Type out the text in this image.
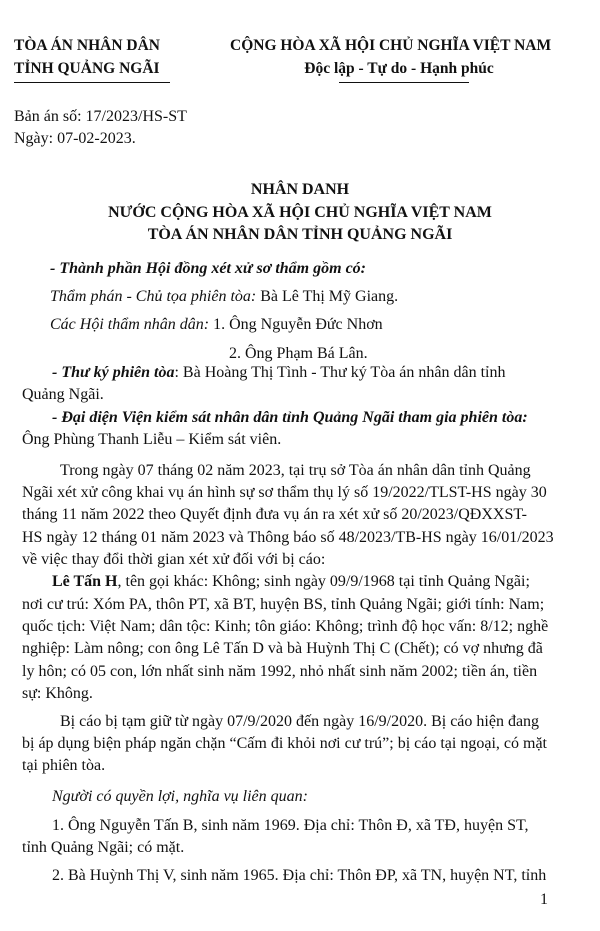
TÒA ÁN NHÂN DÂN
TỈNH QUẢNG NGÃI
CỘNG HÒA XÃ HỘI CHỦ NGHĨA VIỆT NAM
Độc lập - Tự do - Hạnh phúc
Bản án số: 17/2023/HS-ST
Ngày: 07-02-2023.
NHÂN DANH
NƯỚC CỘNG HÒA XÃ HỘI CHỦ NGHĨA VIỆT NAM
TÒA ÁN NHÂN DÂN TỈNH QUẢNG NGÃI
- Thành phần Hội đồng xét xử sơ thẩm gồm có:
Thẩm phán - Chủ tọa phiên tòa: Bà Lê Thị Mỹ Giang.
Các Hội thẩm nhân dân: 1. Ông Nguyễn Đức Nhơn
2. Ông Phạm Bá Lân.
- Thư ký phiên tòa: Bà Hoàng Thị Tình - Thư ký Tòa án nhân dân tỉnh
Quảng Ngãi.
- Đại diện Viện kiểm sát nhân dân tỉnh Quảng Ngãi tham gia phiên tòa:
Ông Phùng Thanh Liễu – Kiểm sát viên.
Trong ngày 07 tháng 02 năm 2023, tại trụ sở Tòa án nhân dân tỉnh Quảng
Ngãi xét xử công khai vụ án hình sự sơ thẩm thụ lý số 19/2022/TLST-HS ngày 30
tháng 11 năm 2022 theo Quyết định đưa vụ án ra xét xử số 20/2023/QĐXXST-
HS ngày 12 tháng 01 năm 2023 và Thông báo số 48/2023/TB-HS ngày 16/01/2023
về việc thay đổi thời gian xét xử đối với bị cáo:
Lê Tấn H, tên gọi khác: Không; sinh ngày 09/9/1968 tại tỉnh Quảng Ngãi;
nơi cư trú: Xóm PA, thôn PT, xã BT, huyện BS, tỉnh Quảng Ngãi; giới tính: Nam;
quốc tịch: Việt Nam; dân tộc: Kinh; tôn giáo: Không; trình độ học vấn: 8/12; nghề
nghiệp: Làm nông; con ông Lê Tấn D và bà Huỳnh Thị C (Chết); có vợ nhưng đã
ly hôn; có 05 con, lớn nhất sinh năm 1992, nhỏ nhất sinh năm 2002; tiền án, tiền
sự: Không.
Bị cáo bị tạm giữ từ ngày 07/9/2020 đến ngày 16/9/2020. Bị cáo hiện đang
bị áp dụng biện pháp ngăn chặn “Cấm đi khỏi nơi cư trú”; bị cáo tại ngoại, có mặt
tại phiên tòa.
Người có quyền lợi, nghĩa vụ liên quan:
1. Ông Nguyễn Tấn B, sinh năm 1969. Địa chỉ: Thôn Đ, xã TĐ, huyện ST,
tỉnh Quảng Ngãi; có mặt.
2. Bà Huỳnh Thị V, sinh năm 1965. Địa chỉ: Thôn ĐP, xã TN, huyện NT, tỉnh
1
